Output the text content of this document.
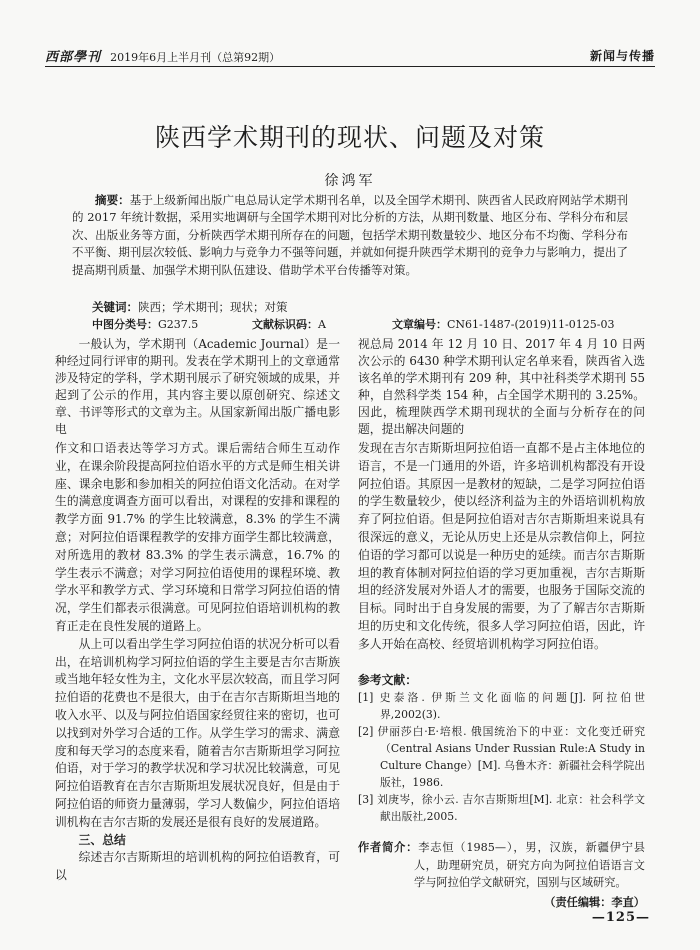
西部學刊 2019年6月上半月刊（总第92期）	新闻与传播
陕西学术期刊的现状、问题及对策
徐鸿军

摘要：基于上级新闻出版广电总局认定学术期刊名单，以及全国学术期刊、陕西省人民政府网站学术期刊的 2017 年统计数据，采用实地调研与全国学术期刊对比分析的方法，从期刊数量、地区分布、学科分布和层次、出版业务等方面，分析陕西学术期刊所存在的问题，包括学术期刊数量较少、地区分布不均衡、学科分布不平衡、期刊层次较低、影响力与竞争力不强等问题，并就如何提升陕西学术期刊的竞争力与影响力，提出了提高期刊质量、加强学术期刊队伍建设、借助学术平台传播等对策。

关键词：陕西；学术期刊；现状；对策
中图分类号：G237.5	文献标识码：A	文章编号：CN61-1487-(2019)11-0125-03

一般认为，学术期刊（Academic Journal）是一种经过同行评审的期刊。发表在学术期刊上的文章通常涉及特定的学科，学术期刊展示了研究领域的成果，并起到了公示的作用，其内容主要以原创研究、综述文章、书评等形式的文章为主。从国家新闻出版广播电影电

视总局 2014 年 12 月 10 日、2017 年 4 月 10 日两次公示的 6430 种学术期刊认定名单来看，陕西省入选该名单的学术期刊有 209 种，其中社科类学术期刊 55 种，自然科学类 154 种，占全国学术期刊的 3.25%。因此，梳理陕西学术期刊现状的全面与分析存在的问题，提出解决问题的

作文和口语表达等学习方式。课后需结合师生互动作业，在课余阶段提高阿拉伯语水平的方式是师生相关讲座、课余电影和参加相关的阿拉伯语文化活动。在对学生的满意度调查方面可以看出，对课程的安排和课程的教学方面 91.7% 的学生比较满意，8.3% 的学生不满意；对阿拉伯语课程教学的安排方面学生都比较满意，对所选用的教材 83.3% 的学生表示满意，16.7% 的学生表示不满意；对学习阿拉伯语使用的课程环境、教学水平和教学方式、学习环境和日常学习阿拉伯语的情况，学生们都表示很满意。可见阿拉伯语培训机构的教育正走在良性发展的道路上。

从上可以看出学生学习阿拉伯语的状况分析可以看出，在培训机构学习阿拉伯语的学生主要是吉尔吉斯族或当地年轻女性为主，文化水平层次较高，而且学习阿拉伯语的花费也不是很大，由于在吉尔吉斯斯坦当地的收入水平、以及与阿拉伯语国家经贸往来的密切，也可以找到对外学习合适的工作。从学生学习的需求、满意度和每天学习的态度来看，随着吉尔吉斯斯坦学习阿拉伯语，对于学习的教学状况和学习状况比较满意，可见阿拉伯语教育在吉尔吉斯斯坦发展状况良好，但是由于阿拉伯语的师资力量薄弱，学习人数偏少，阿拉伯语培训机构在吉尔吉斯的发展还是很有良好的发展道路。

三、总结

综述吉尔吉斯斯坦的培训机构的阿拉伯语教育，可以

发现在吉尔吉斯斯坦阿拉伯语一直都不是占主体地位的语言，不是一门通用的外语，许多培训机构都没有开设阿拉伯语。其原因一是教材的短缺，二是学习阿拉伯语的学生数量较少，使以经济利益为主的外语培训机构放弃了阿拉伯语。但是阿拉伯语对吉尔吉斯斯坦来说具有很深远的意义，无论从历史上还是从宗教信仰上，阿拉伯语的学习都可以说是一种历史的延续。而吉尔吉斯斯坦的教育体制对阿拉伯语的学习更加重视，吉尔吉斯斯坦的经济发展对外语人才的需要，也服务于国际交流的目标。同时出于自身发展的需要，为了了解吉尔吉斯斯坦的历史和文化传统，很多人学习阿拉伯语，因此，许多人开始在高校、经贸培训机构学习阿拉伯语。

参考文献：

[1] 史泰洛. 伊斯兰文化面临的问题[J]. 阿拉伯世界,2002(3).

[2] 伊丽莎白·E·培根. 俄国统治下的中亚：文化变迁研究（Central Asians Under Russian Rule:A Study in Culture Change）[M]. 乌鲁木齐：新疆社会科学院出版社，1986.

[3] 刘庚岑，徐小云. 吉尔吉斯斯坦[M]. 北京：社会科学文献出版社,2005.

作者简介：李志恒（1985—），男，汉族，新疆伊宁县人，助理研究员，研究方向为阿拉伯语语言文学与阿拉伯学文献研究，国别与区域研究。

（责任编辑：李直）

—125—
